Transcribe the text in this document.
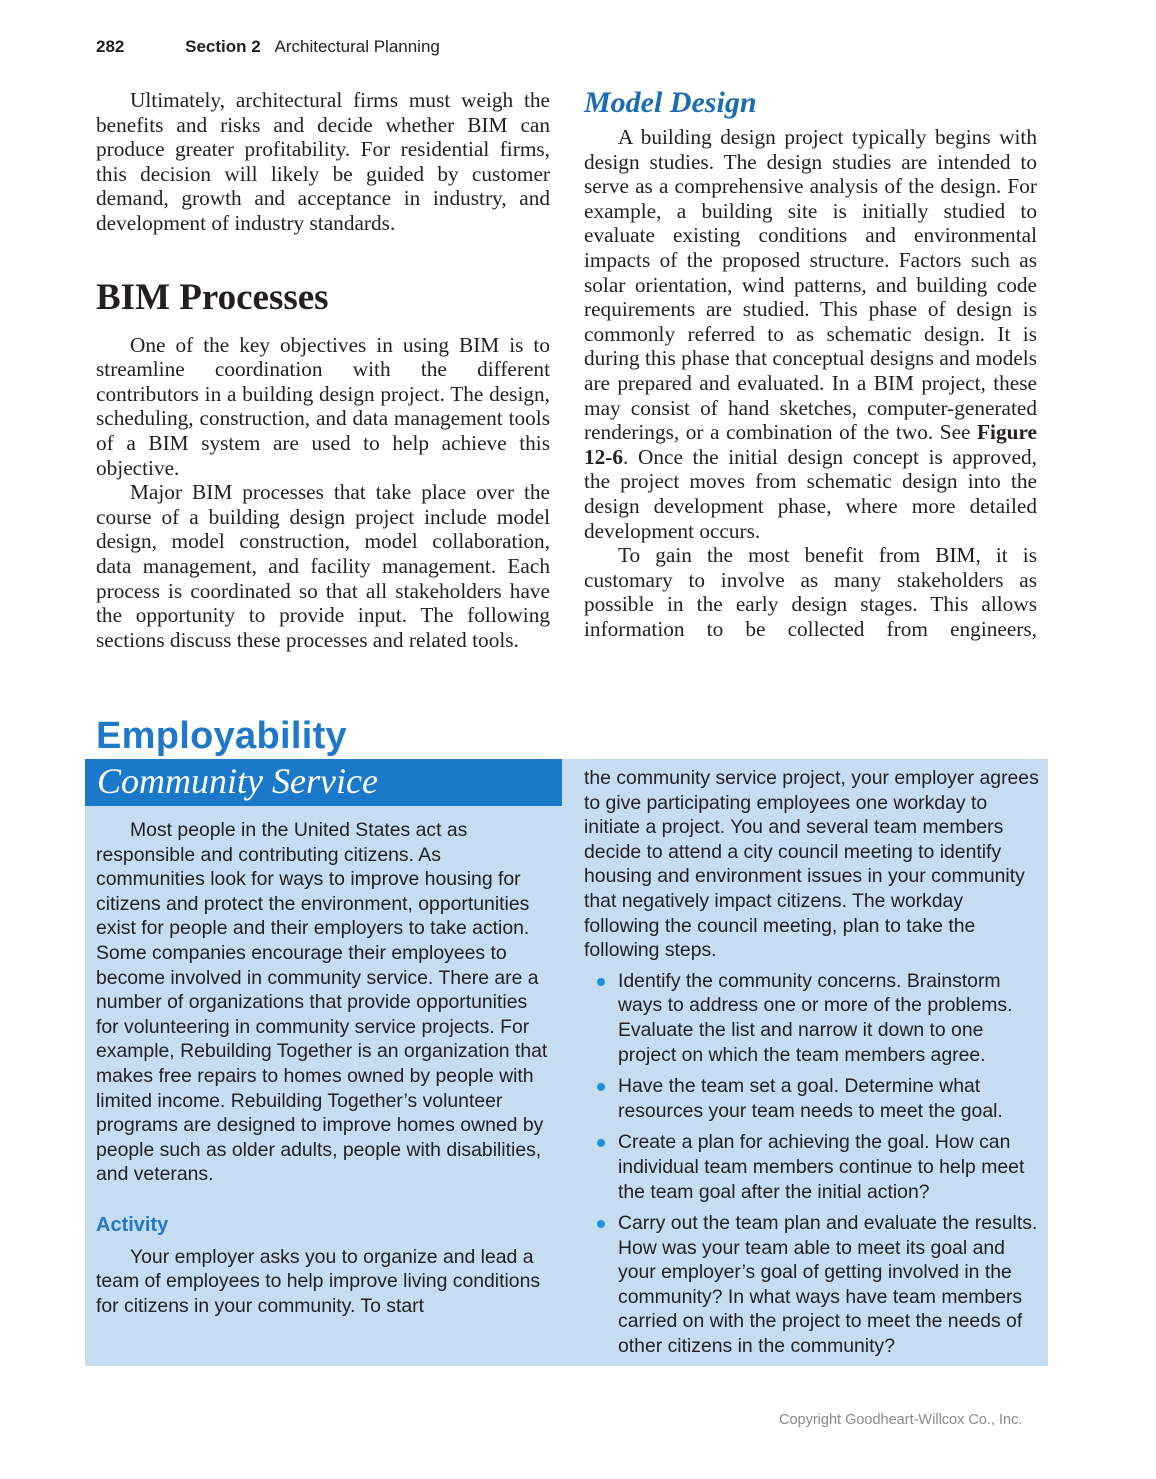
282	Section 2 Architectural Planning

Ultimately, architectural firms must weigh the benefits and risks and decide whether BIM can produce greater profitability. For residential firms, this decision will likely be guided by customer demand, growth and acceptance in industry, and development of industry standards.

BIM Processes

One of the key objectives in using BIM is to streamline coordination with the different contributors in a building design project. The design, scheduling, construction, and data management tools of a BIM system are used to help achieve this objective.

Major BIM processes that take place over the course of a building design project include model design, model construction, model collaboration, data management, and facility management. Each process is coordinated so that all stakeholders have the opportunity to provide input. The following sections discuss these processes and related tools.

Model Design

A building design project typically begins with design studies. The design studies are intended to serve as a comprehensive analysis of the design. For example, a building site is initially studied to evaluate existing conditions and environmental impacts of the proposed structure. Factors such as solar orientation, wind patterns, and building code requirements are studied. This phase of design is commonly referred to as schematic design. It is during this phase that conceptual designs and models are prepared and evaluated. In a BIM project, these may consist of hand sketches, computer-generated renderings, or a combination of the two. See Figure 12-6. Once the initial design concept is approved, the project moves from schematic design into the design development phase, where more detailed development occurs.

To gain the most benefit from BIM, it is customary to involve as many stakeholders as possible in the early design stages. This allows information to be collected from engineers,

Employability
Community Service

Most people in the United States act as responsible and contributing citizens. As communities look for ways to improve housing for citizens and protect the environment, opportunities exist for people and their employers to take action. Some companies encourage their employees to become involved in community service. There are a number of organizations that provide opportunities for volunteering in community service projects. For example, Rebuilding Together is an organization that makes free repairs to homes owned by people with limited income. Rebuilding Together’s volunteer programs are designed to improve homes owned by people such as older adults, people with disabilities, and veterans.

Activity

Your employer asks you to organize and lead a team of employees to help improve living conditions for citizens in your community. To start

the community service project, your employer agrees to give participating employees one workday to initiate a project. You and several team members decide to attend a city council meeting to identify housing and environment issues in your community that negatively impact citizens. The workday following the council meeting, plan to take the following steps.

Identify the community concerns. Brainstorm ways to address one or more of the problems. Evaluate the list and narrow it down to one project on which the team members agree.
Have the team set a goal. Determine what resources your team needs to meet the goal.
Create a plan for achieving the goal. How can individual team members continue to help meet the team goal after the initial action?
Carry out the team plan and evaluate the results. How was your team able to meet its goal and your employer’s goal of getting involved in the community? In what ways have team members carried on with the project to meet the needs of other citizens in the community?
Copyright Goodheart-Willcox Co., Inc.
